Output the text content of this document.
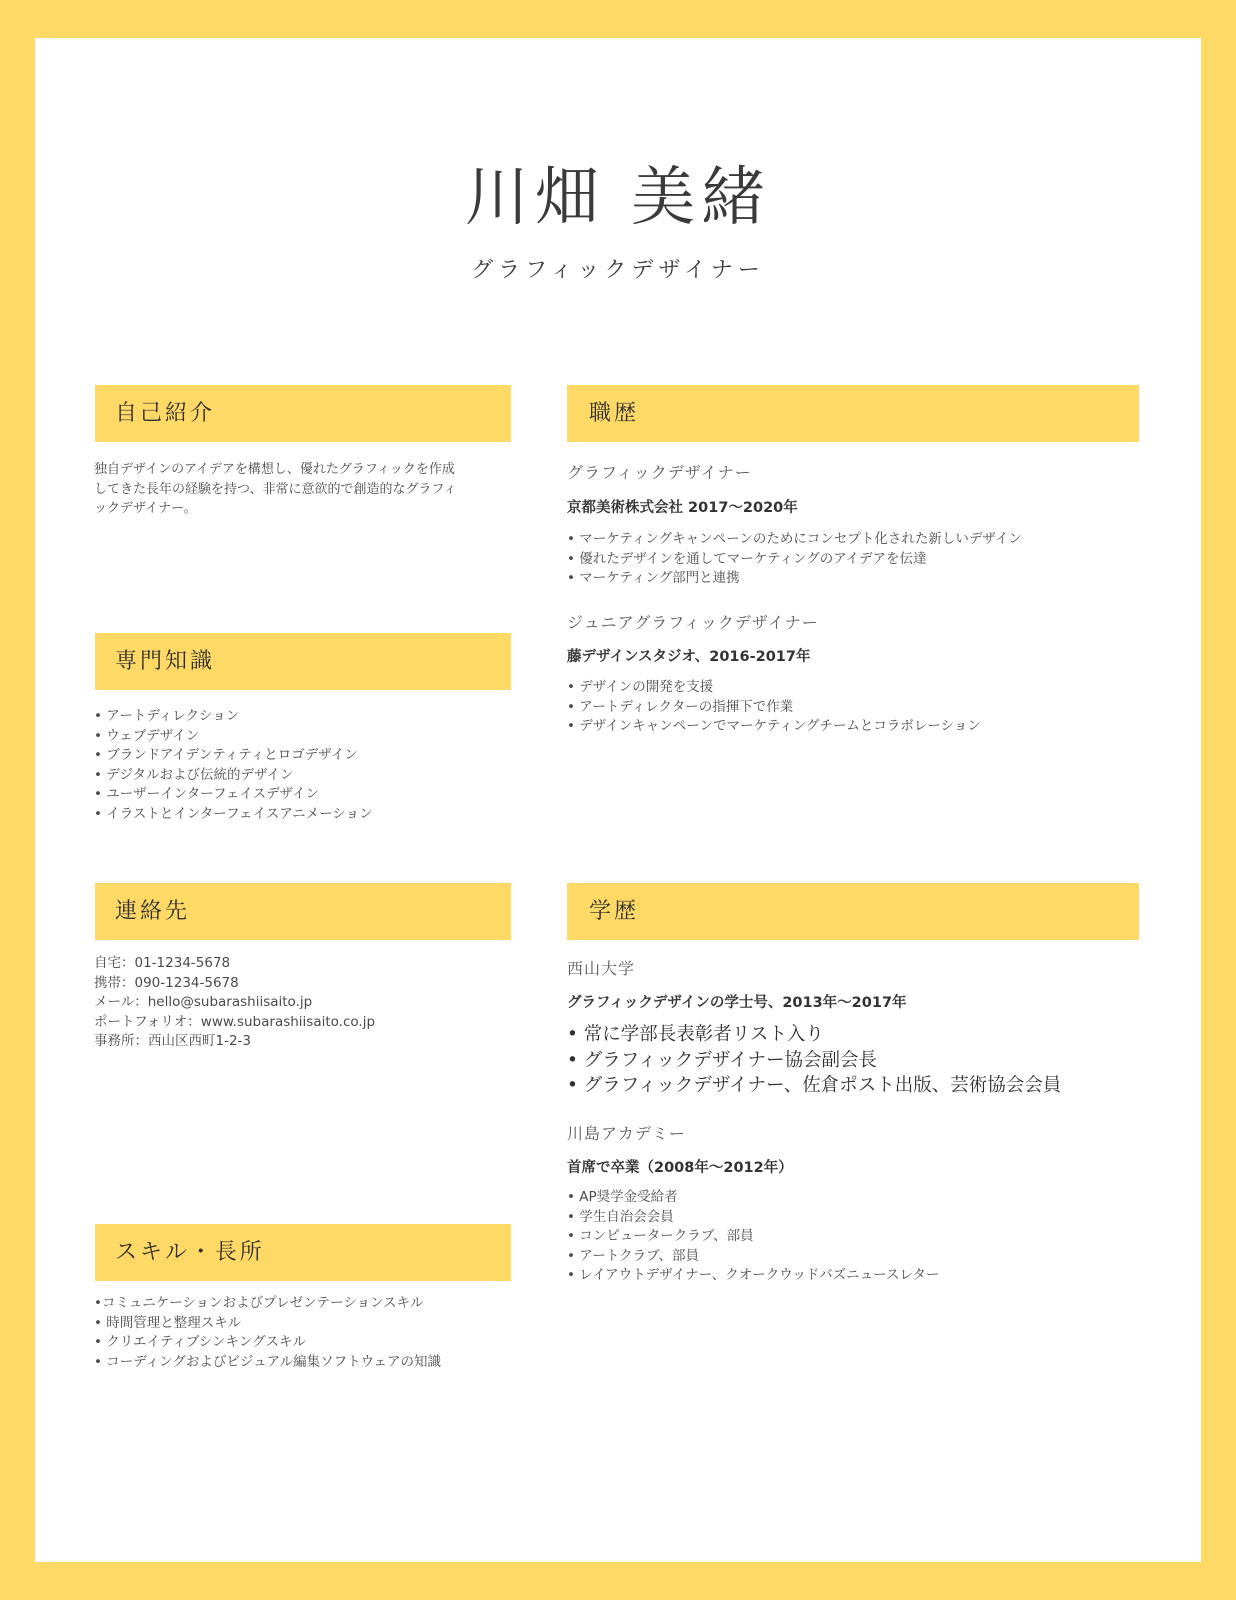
川畑 美緒
グラフィックデザイナー
自己紹介
独自デザインのアイデアを構想し、優れたグラフィックを作成
してきた長年の経験を持つ、非常に意欲的で創造的なグラフィ
ックデザイナー。
専門知識
• アートディレクション
• ウェブデザイン
• ブランドアイデンティティとロゴデザイン
• デジタルおよび伝統的デザイン
• ユーザーインターフェイスデザイン
• イラストとインターフェイスアニメーション
連絡先
自宅：01-1234-5678
携帯：090-1234-5678
メール：hello@subarashiisaito.jp
ポートフォリオ：www.subarashiisaito.co.jp
事務所：西山区西町1-2-3
スキル・長所
•コミュニケーションおよびプレゼンテーションスキル
• 時間管理と整理スキル
• クリエイティブシンキングスキル
• コーディングおよびビジュアル編集ソフトウェアの知識
職歴
グラフィックデザイナー
京都美術株式会社 2017～2020年
• マーケティングキャンペーンのためにコンセプト化された新しいデザイン
• 優れたデザインを通してマーケティングのアイデアを伝達
• マーケティング部門と連携
ジュニアグラフィックデザイナー
藤デザインスタジオ、2016-2017年
• デザインの開発を支援
• アートディレクターの指揮下で作業
• デザインキャンペーンでマーケティングチームとコラボレーション
学歴
西山大学
グラフィックデザインの学士号、2013年～2017年
• 常に学部長表彰者リスト入り
• グラフィックデザイナー協会副会長
• グラフィックデザイナー、佐倉ポスト出版、芸術協会会員
川島アカデミー
首席で卒業（2008年～2012年）
• AP奨学金受給者
• 学生自治会会員
• コンピュータークラブ、部員
• アートクラブ、部員
• レイアウトデザイナー、クオークウッドバズニュースレター
